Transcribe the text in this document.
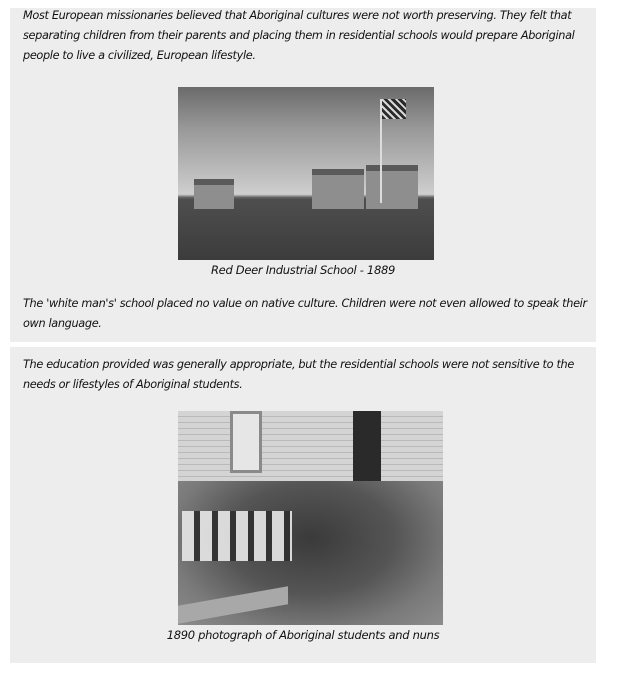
Most European missionaries believed that Aboriginal cultures were not worth preserving. They felt that separating children from their parents and placing them in residential schools would prepare Aboriginal people to live a civilized, European lifestyle.

Red Deer Industrial School - 1889

The 'white man's' school placed no value on native culture. Children were not even allowed to speak their own language.

The education provided was generally appropriate, but the residential schools were not sensitive to the needs or lifestyles of Aboriginal students.

1890 photograph of Aboriginal students and nuns
